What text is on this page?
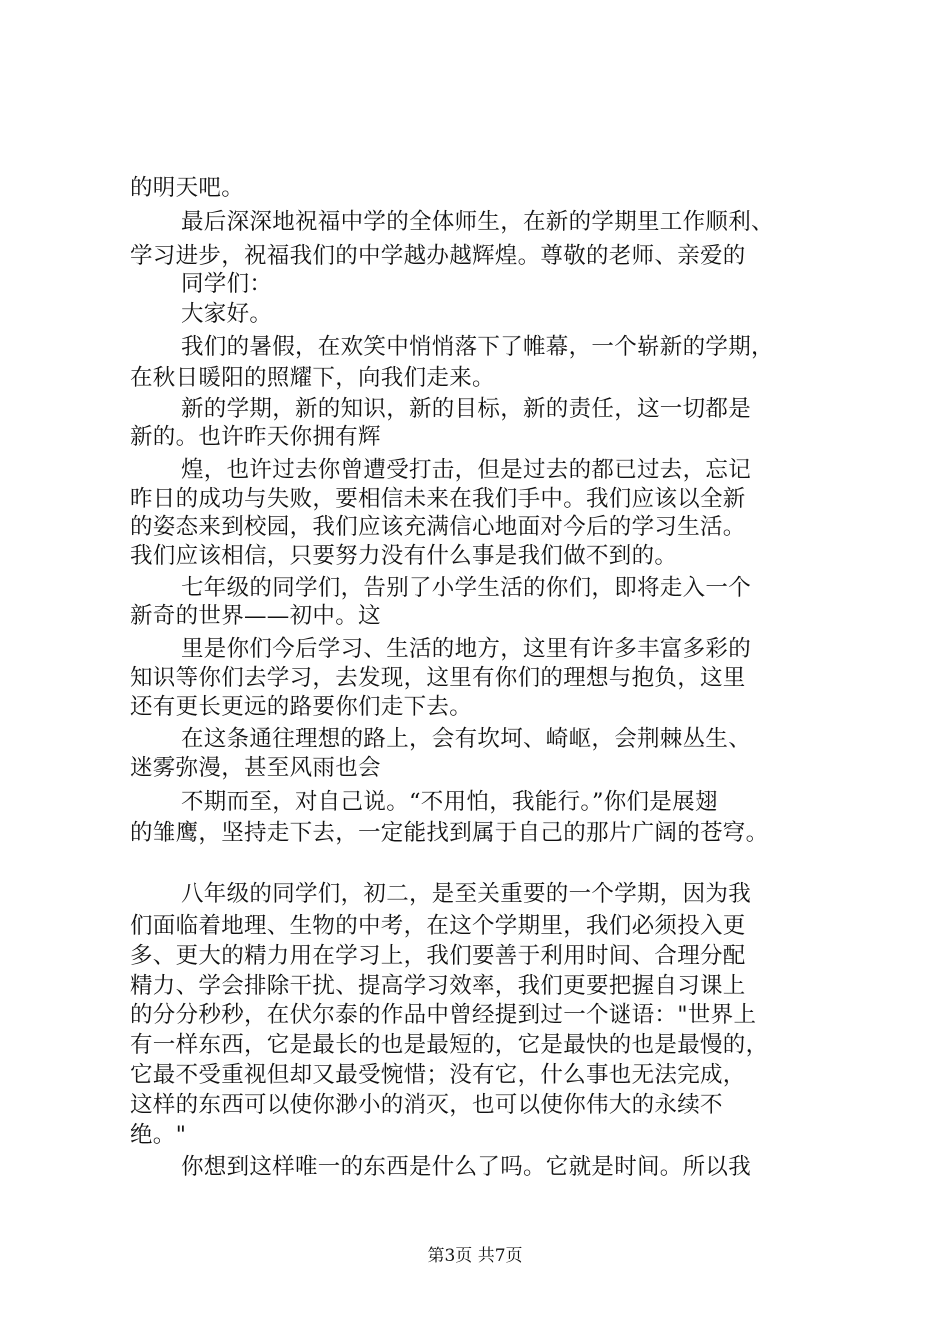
的明天吧。
最后深深地祝福中学的全体师生，在新的学期里工作顺利、
学习进步，祝福我们的中学越办越辉煌。尊敬的老师、亲爱的
同学们：
大家好。
我们的暑假，在欢笑中悄悄落下了帷幕，一个崭新的学期，
在秋日暖阳的照耀下，向我们走来。
新的学期，新的知识，新的目标，新的责任，这一切都是
新的。也许昨天你拥有辉
煌，也许过去你曾遭受打击，但是过去的都已过去，忘记
昨日的成功与失败，要相信未来在我们手中。我们应该以全新
的姿态来到校园，我们应该充满信心地面对今后的学习生活。
我们应该相信，只要努力没有什么事是我们做不到的。
七年级的同学们，告别了小学生活的你们，即将走入一个
新奇的世界——初中。这
里是你们今后学习、生活的地方，这里有许多丰富多彩的
知识等你们去学习，去发现，这里有你们的理想与抱负，这里
还有更长更远的路要你们走下去。
在这条通往理想的路上，会有坎坷、崎岖，会荆棘丛生、
迷雾弥漫，甚至风雨也会
不期而至，对自己说。“不用怕，我能行。”你们是展翅
的雏鹰，坚持走下去，一定能找到属于自己的那片广阔的苍穹。
八年级的同学们，初二，是至关重要的一个学期，因为我
们面临着地理、生物的中考，在这个学期里，我们必须投入更
多、更大的精力用在学习上，我们要善于利用时间、合理分配
精力、学会排除干扰、提高学习效率，我们更要把握自习课上
的分分秒秒，在伏尔泰的作品中曾经提到过一个谜语："世界上
有一样东西，它是最长的也是最短的，它是最快的也是最慢的，
它最不受重视但却又最受惋惜；没有它，什么事也无法完成，
这样的东西可以使你渺小的消灭，也可以使你伟大的永续不
绝。"
你想到这样唯一的东西是什么了吗。它就是时间。所以我
第3页 共7页
